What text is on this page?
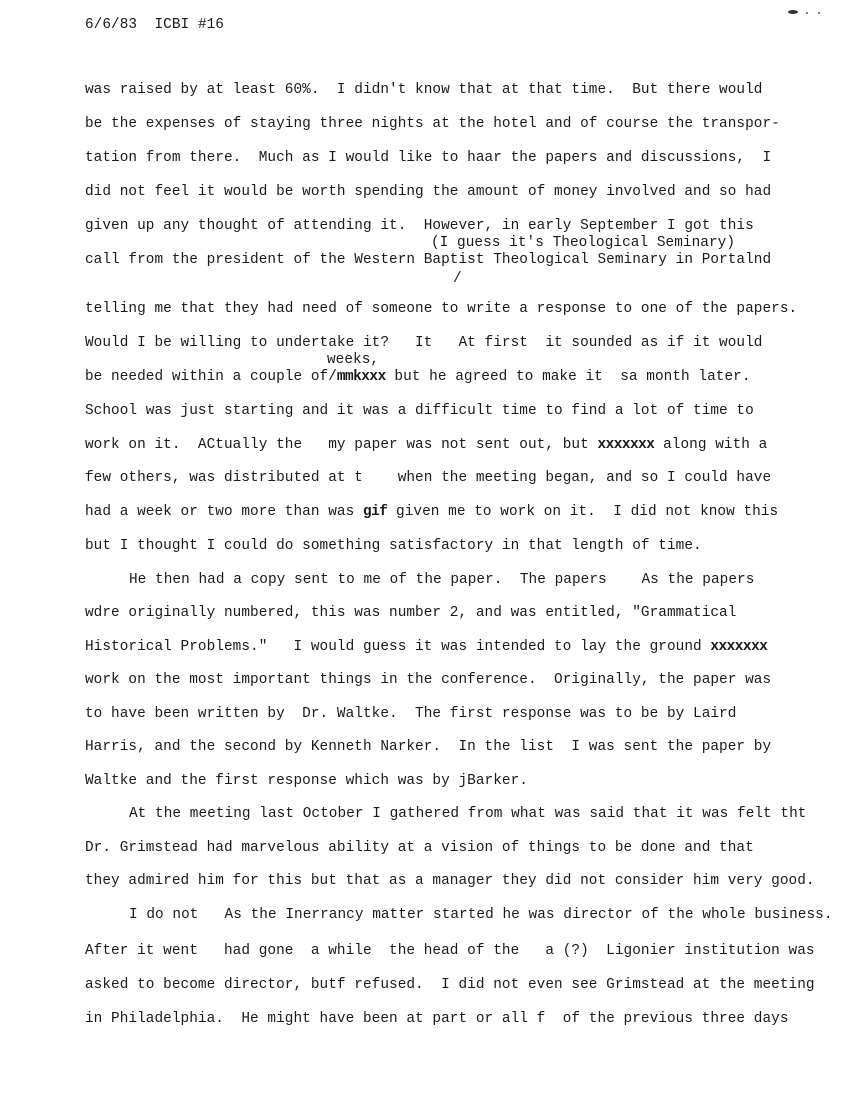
6/6/83 ICBI #16
was raised by at least 60%.  I didn't know that at that time.  But there would
be the expenses of staying three nights at the hotel and of course the transpor-
tation from there.  Much as I would like to haar the papers and discussions,  I
did not feel it would be worth spending the amount of money involved and so had
given up any thought of attending it.  However, in early September I got this
(I guess it's Theological Seminary)
call from the president of the Western Baptist Theological Seminary in Portalnd
/
telling me that they had need of someone to write a response to one of the papers.
Would I be willing to undertake it?   It   At first  it sounded as if it would
weeks,
be needed within a couple of/mmkxxx but he agreed to make it  sa month later.
School was just starting and it was a difficult time to find a lot of time to
work on it.  ACtually the   my paper was not sent out, but xxxxxxx along with a
few others, was distributed at t    when the meeting began, and so I could have
had a week or two more than was gif given me to work on it.  I did not know this
but I thought I could do something satisfactory in that length of time.
He then had a copy sent to me of the paper.  The papers    As the papers
wdre originally numbered, this was number 2, and was entitled, "Grammatical
Historical Problems."   I would guess it was intended to lay the ground xxxxxxx
work on the most important things in the conference.  Originally, the paper was
to have been written by  Dr. Waltke.  The first response was to be by Laird
Harris, and the second by Kenneth Narker.  In the list  I was sent the paper by
Waltke and the first response which was by jBarker.
At the meeting last October I gathered from what was said that it was felt tht
Dr. Grimstead had marvelous ability at a vision of things to be done and that
they admired him for this but that as a manager they did not consider him very good.
I do not   As the Inerrancy matter started he was director of the whole business.
After it went   had gone  a while  the head of the   a (?)  Ligonier institution was
asked to become director, butf refused.  I did not even see Grimstead at the meeting
in Philadelphia.  He might have been at part or all f  of the previous three days
